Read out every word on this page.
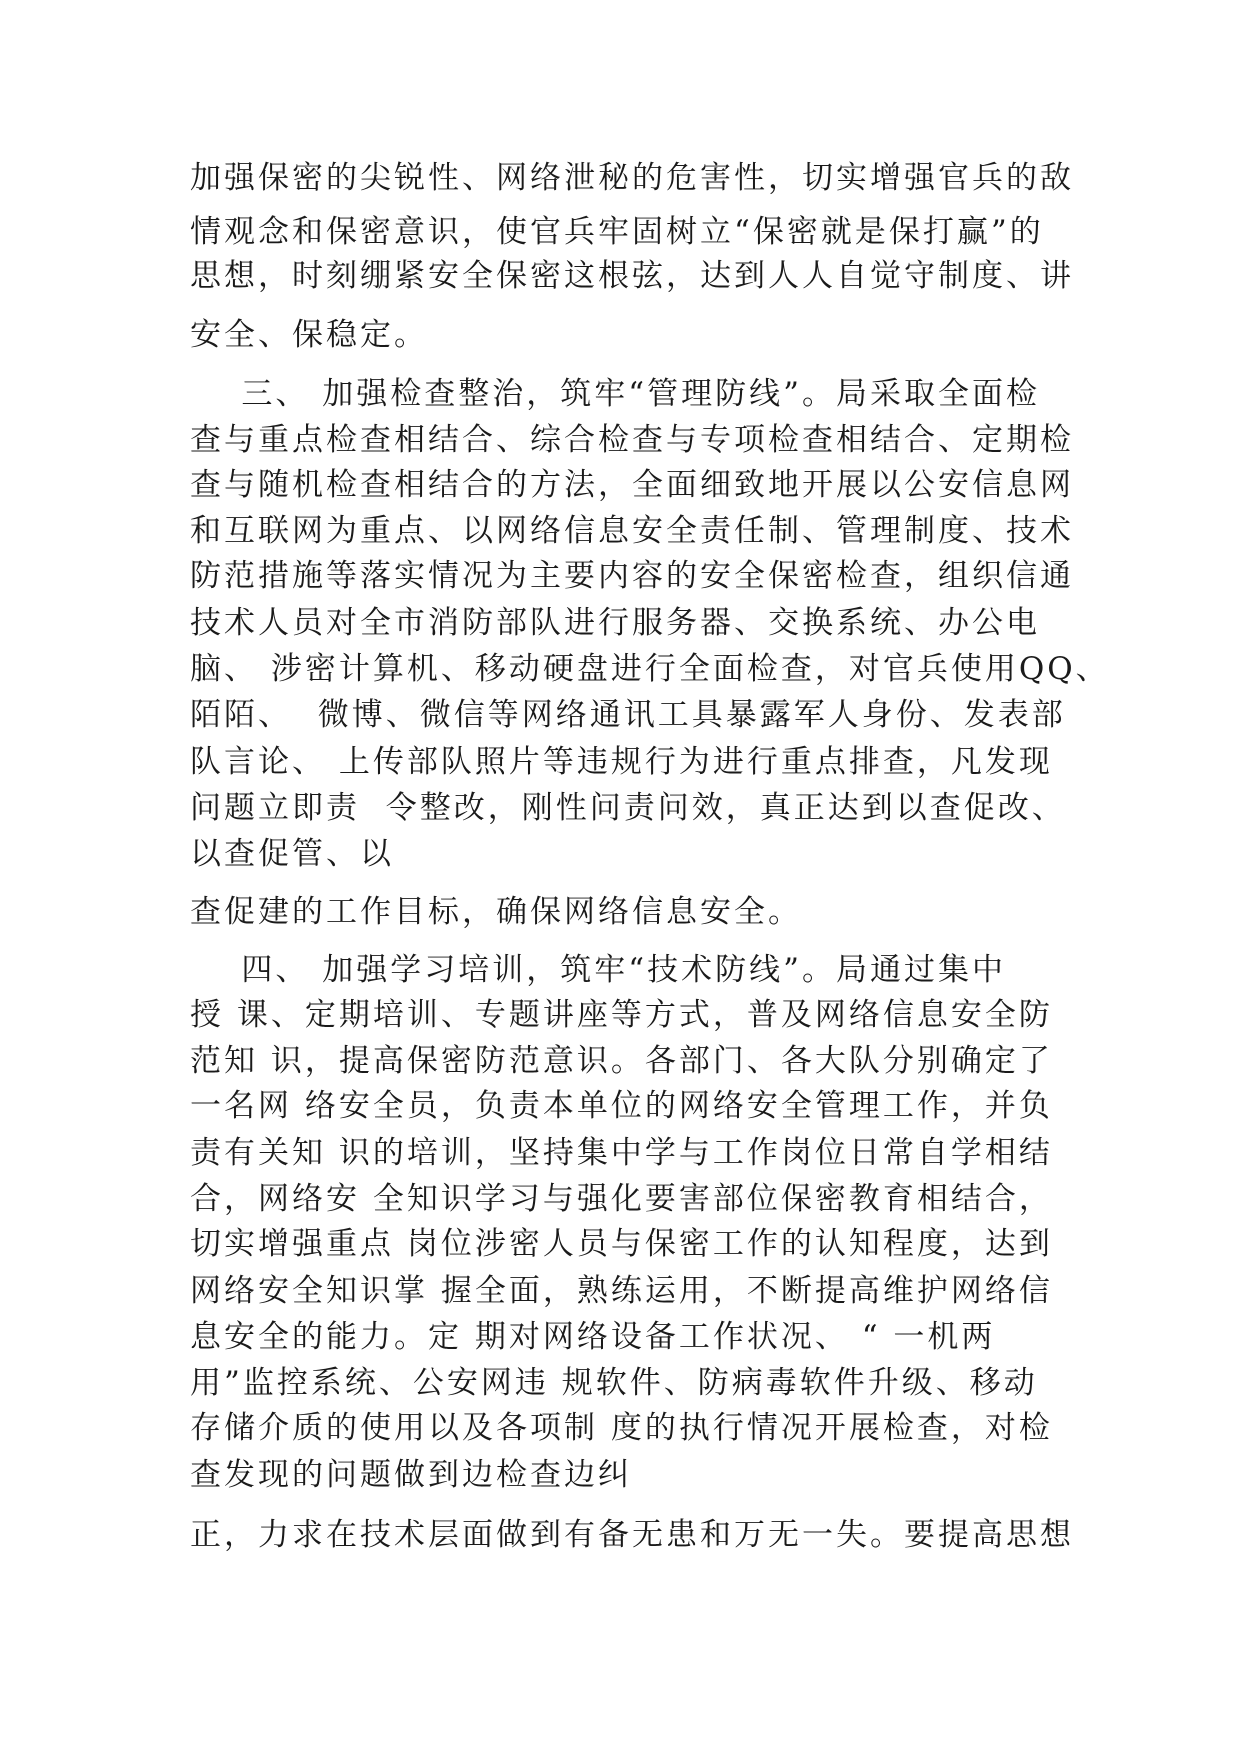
加强保密的尖锐性、网络泄秘的危害性，切实增强官兵的敌
情观念和保密意识，使官兵牢固树立“保密就是保打赢”的
思想，时刻绷紧安全保密这根弦，达到人人自觉守制度、讲
安全、保稳定。
三、 加强检查整治，筑牢“管理防线”。局采取全面检
查与重点检查相结合、综合检查与专项检查相结合、定期检
查与随机检查相结合的方法，全面细致地开展以公安信息网
和互联网为重点、以网络信息安全责任制、管理制度、技术
防范措施等落实情况为主要内容的安全保密检查，组织信通
技术人员对全市消防部队进行服务器、交换系统、办公电
脑、 涉密计算机、移动硬盘进行全面检查，对官兵使用QQ、
陌陌、  微博、微信等网络通讯工具暴露军人身份、发表部
队言论、 上传部队照片等违规行为进行重点排查，凡发现
问题立即责  令整改，刚性问责问效，真正达到以查促改、
以查促管、以
查促建的工作目标，确保网络信息安全。
四、 加强学习培训，筑牢“技术防线”。局通过集中
授 课、定期培训、专题讲座等方式，普及网络信息安全防
范知 识，提高保密防范意识。各部门、各大队分别确定了
一名网 络安全员，负责本单位的网络安全管理工作，并负
责有关知 识的培训，坚持集中学与工作岗位日常自学相结
合，网络安 全知识学习与强化要害部位保密教育相结合，
切实增强重点 岗位涉密人员与保密工作的认知程度，达到
网络安全知识掌 握全面，熟练运用，不断提高维护网络信
息安全的能力。定 期对网络设备工作状况、 “ 一机两
用”监控系统、公安网违 规软件、防病毒软件升级、移动
存储介质的使用以及各项制 度的执行情况开展检查，对检
查发现的问题做到边检查边纠
正，力求在技术层面做到有备无患和万无一失。要提高思想
